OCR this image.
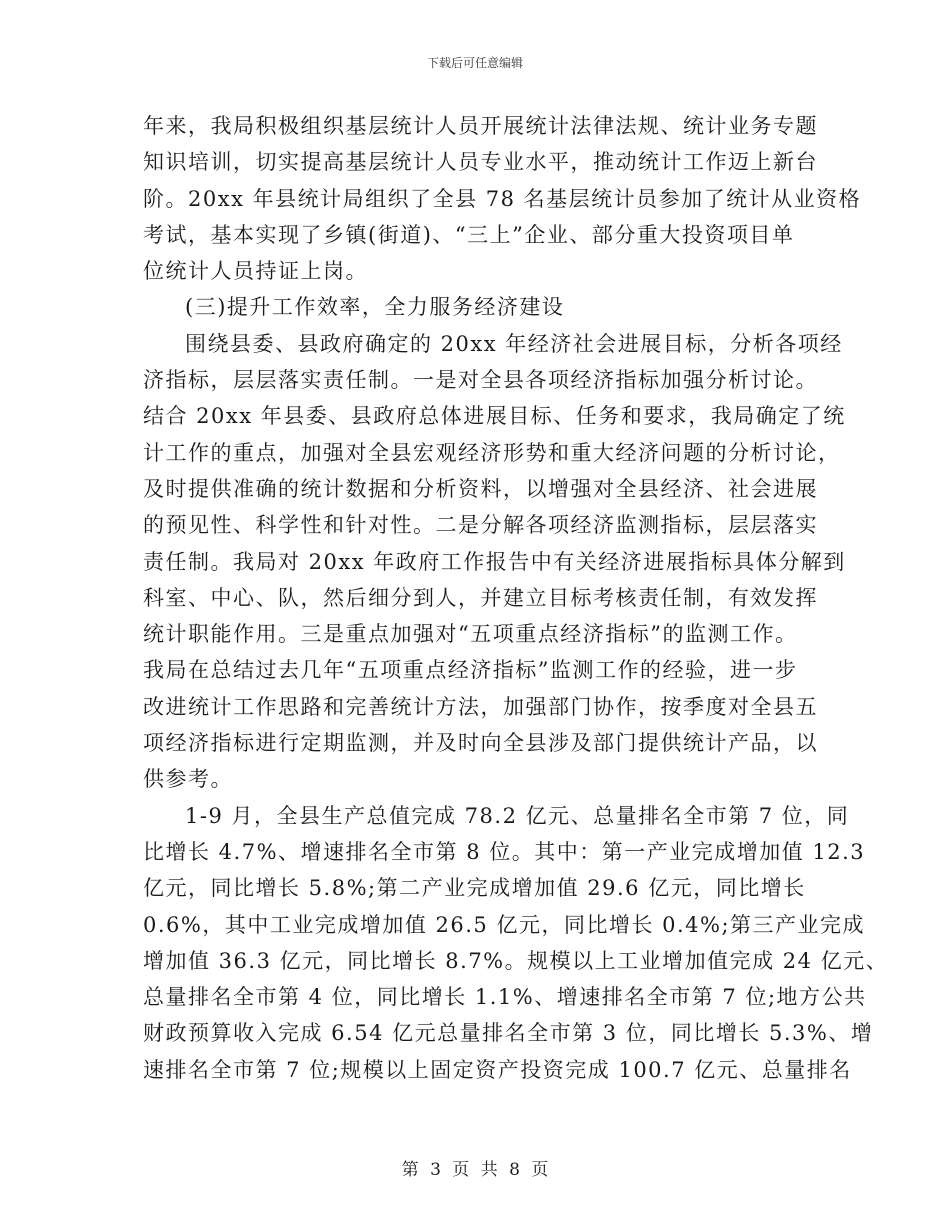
下载后可任意编辑
年来，我局积极组织基层统计人员开展统计法律法规、统计业务专题
知识培训，切实提高基层统计人员专业水平，推动统计工作迈上新台
阶。20xx 年县统计局组织了全县 78 名基层统计员参加了统计从业资格
考试，基本实现了乡镇(街道)、“三上”企业、部分重大投资项目单
位统计人员持证上岗。
(三)提升工作效率，全力服务经济建设
围绕县委、县政府确定的 20xx 年经济社会进展目标，分析各项经
济指标，层层落实责任制。一是对全县各项经济指标加强分析讨论。
结合 20xx 年县委、县政府总体进展目标、任务和要求，我局确定了统
计工作的重点，加强对全县宏观经济形势和重大经济问题的分析讨论，
及时提供准确的统计数据和分析资料，以增强对全县经济、社会进展
的预见性、科学性和针对性。二是分解各项经济监测指标，层层落实
责任制。我局对 20xx 年政府工作报告中有关经济进展指标具体分解到
科室、中心、队，然后细分到人，并建立目标考核责任制，有效发挥
统计职能作用。三是重点加强对“五项重点经济指标”的监测工作。
我局在总结过去几年“五项重点经济指标”监测工作的经验，进一步
改进统计工作思路和完善统计方法，加强部门协作，按季度对全县五
项经济指标进行定期监测，并及时向全县涉及部门提供统计产品，以
供参考。
1-9 月，全县生产总值完成 78.2 亿元、总量排名全市第 7 位，同
比增长 4.7%、增速排名全市第 8 位。其中：第一产业完成增加值 12.3
亿元，同比增长 5.8%;第二产业完成增加值 29.6 亿元，同比增长
0.6%，其中工业完成增加值 26.5 亿元，同比增长 0.4%;第三产业完成
增加值 36.3 亿元，同比增长 8.7%。规模以上工业增加值完成 24 亿元、
总量排名全市第 4 位，同比增长 1.1%、增速排名全市第 7 位;地方公共
财政预算收入完成 6.54 亿元总量排名全市第 3 位，同比增长 5.3%、增
速排名全市第 7 位;规模以上固定资产投资完成 100.7 亿元、总量排名
第 3 页 共 8 页
